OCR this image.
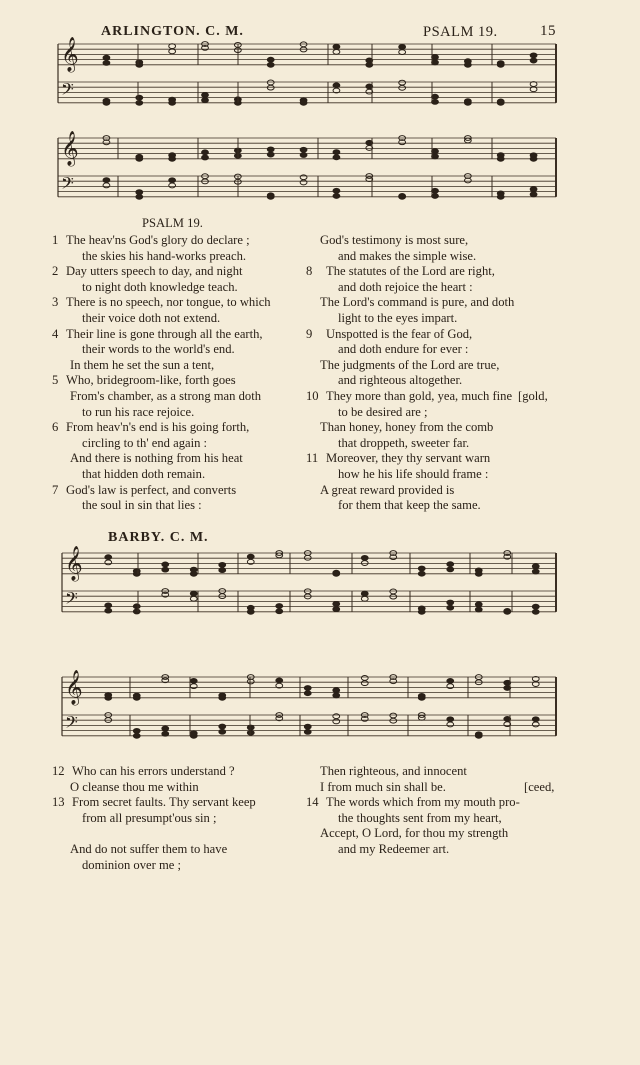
ARLINGTON. C. M.	PSALM 19.	15
𝄞
𝄢
𝄞
𝄢
PSALM 19.
1 The heav'ns God's glory do declare ;
the skies his hand-works preach.
2 Day utters speech to day, and night
to night doth knowledge teach.
3 There is no speech, nor tongue, to which
their voice doth not extend.
4 Their line is gone through all the earth,
their words to the world's end.
In them he set the sun a tent,
5 Who, bridegroom-like, forth goes
From's chamber, as a strong man doth
to run his race rejoice.
6 From heav'n's end is his going forth,
circling to th' end again :
And there is nothing from his heat
that hidden doth remain.
7 God's law is perfect, and converts
the soul in sin that lies :
God's testimony is most sure,
and makes the simple wise.
8 The statutes of the Lord are right,
and doth rejoice the heart :
The Lord's command is pure, and doth
light to the eyes impart.
9 Unspotted is the fear of God,
and doth endure for ever :
The judgments of the Lord are true,
and righteous altogether.
10 They more than gold, yea, much fine
to be desired are ;
Than honey, honey from the comb
that droppeth, sweeter far.
11 Moreover, they thy servant warn
how he his life should frame :
A great reward provided is
for them that keep the same.
[gold,
BARBY. C. M.
𝄞
𝄢
𝄞
𝄢
12 Who can his errors understand ?
O cleanse thou me within
13 From secret faults. Thy servant keep
from all presumpt'ous sin ;
And do not suffer them to have
dominion over me ;
Then righteous, and innocent
I from much sin shall be.
14 The words which from my mouth pro-
the thoughts sent from my heart,
Accept, O Lord, for thou my strength
and my Redeemer art.
[ceed,
